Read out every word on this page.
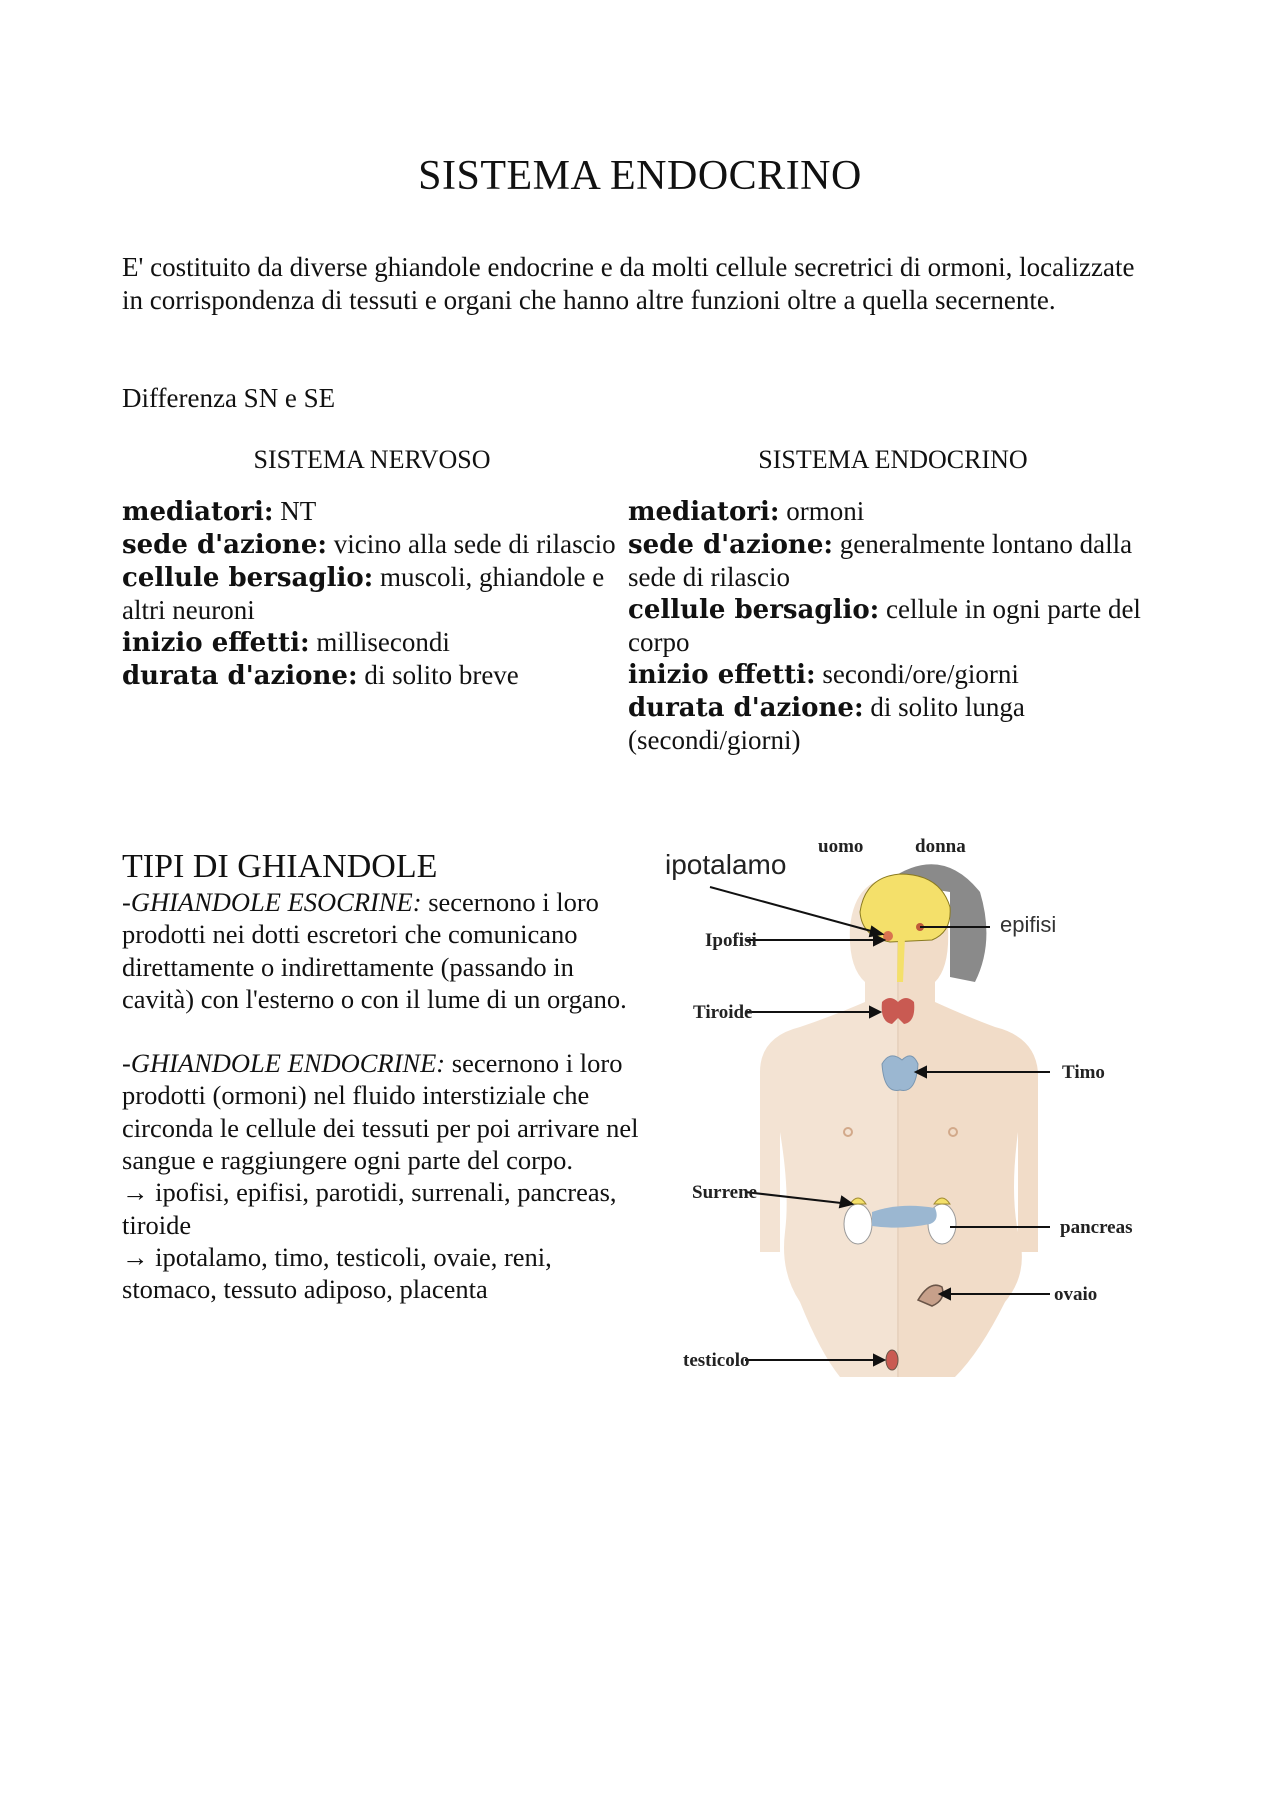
SISTEMA ENDOCRINO
E' costituito da diverse ghiandole endocrine e da molti cellule secretrici di ormoni, localizzate in corrispondenza di tessuti e organi che hanno altre funzioni oltre a quella secernente.
Differenza SN e SE
SISTEMA NERVOSO	SISTEMA ENDOCRINO

mediatori: NT

sede d'azione: vicino alla sede di rilascio

cellule bersaglio: muscoli, ghiandole e altri neuroni

inizio effetti: millisecondi

durata d'azione: di solito breve

mediatori: ormoni

sede d'azione: generalmente lontano dalla sede di rilascio

cellule bersaglio: cellule in ogni parte del corpo

inizio effetti: secondi/ore/giorni

durata d'azione: di solito lunga (secondi/giorni)

TIPI DI GHIANDOLE

-GHIANDOLE ESOCRINE: secernono i loro prodotti nei dotti escretori che comunicano direttamente o indirettamente (passando in cavità) con l'esterno o con il lume di un organo.

-GHIANDOLE ENDOCRINE: secernono i loro prodotti (ormoni) nel fluido interstiziale che circonda le cellule dei tessuti per poi arrivare nel sangue e raggiungere ogni parte del corpo.

→ ipofisi, epifisi, parotidi, surrenali, pancreas, tiroide

→ ipotalamo, timo, testicoli, ovaie, reni, stomaco, tessuto adiposo, placenta

uomo	donna
ipotalamo
epifisi
Ipofisi
Tiroide
Timo
Surrene
pancreas
ovaio
testicolo
